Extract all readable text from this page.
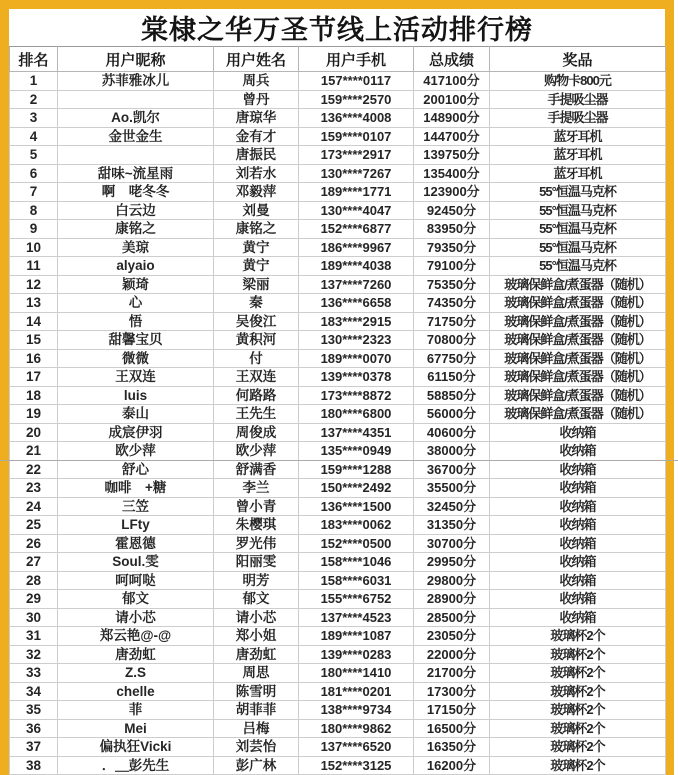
棠棣之华万圣节线上活动排行榜
排名	用户昵称	用户姓名	用户手机	总成绩	奖品
1	苏菲雅冰儿	周兵	157****0117	417100分	购物卡800元
2		曾丹	159****2570	200100分	手提吸尘器
3	Ao.凯尔	唐琼华	136****4008	148900分	手提吸尘器
4	金世金生	金有才	159****0107	144700分	蓝牙耳机
5		唐振民	173****2917	139750分	蓝牙耳机
6	甜味~流星雨	刘若水	130****7267	135400分	蓝牙耳机
7	啊　咾冬冬	邓毅萍	189****1771	123900分	55°恒温马克杯
8	白云边	刘曼	130****4047	92450分	55°恒温马克杯
9	康铭之	康铭之	152****6877	83950分	55°恒温马克杯
10	美琼	黄宁	186****9967	79350分	55°恒温马克杯
11	alyaio	黄宁	189****4038	79100分	55°恒温马克杯
12	颖琦	梁丽	137****7260	75350分	玻璃保鲜盒/煮蛋器（随机）
13	心	秦	136****6658	74350分	玻璃保鲜盒/煮蛋器（随机）
14	悟	吴俊江	183****2915	71750分	玻璃保鲜盒/煮蛋器（随机）
15	甜馨宝贝	黄积河	130****2323	70800分	玻璃保鲜盒/煮蛋器（随机）
16	微微	付	189****0070	67750分	玻璃保鲜盒/煮蛋器（随机）
17	王双连	王双连	139****0378	61150分	玻璃保鲜盒/煮蛋器（随机）
18	luis	何路路	173****8872	58850分	玻璃保鲜盒/煮蛋器（随机）
19	泰山	王先生	180****6800	56000分	玻璃保鲜盒/煮蛋器（随机）
20	成宸伊羽	周俊成	137****4351	40600分	收纳箱
21	欧少萍	欧少萍	135****0949	38000分	收纳箱
22	舒心	舒满香	159****1288	36700分	收纳箱
23	咖啡　+糖	李兰	150****2492	35500分	收纳箱
24	三笠	曾小青	136****1500	32450分	收纳箱
25	LFty	朱樱琪	183****0062	31350分	收纳箱
26	霍恩德	罗光伟	152****0500	30700分	收纳箱
27	Soul.雯	阳丽雯	158****1046	29950分	收纳箱
28	呵呵哒	明芳	158****6031	29800分	收纳箱
29	郁文	郁文	155****6752	28900分	收纳箱
30	请小芯	请小芯	137****4523	28500分	收纳箱
31	郑云艳@-@	郑小姐	189****1087	23050分	玻璃杯2个
32	唐劲虹	唐劲虹	139****0283	22000分	玻璃杯2个
33	Z.S	周思	180****1410	21700分	玻璃杯2个
34	chelle	陈雪明	181****0201	17300分	玻璃杯2个
35	菲	胡菲菲	138****9734	17150分	玻璃杯2个
36	Mei	吕梅	180****9862	16500分	玻璃杯2个
37	偏执狂Vicki	刘芸怡	137****6520	16350分	玻璃杯2个
38	．＿彭先生	彭广林	152****3125	16200分	玻璃杯2个
